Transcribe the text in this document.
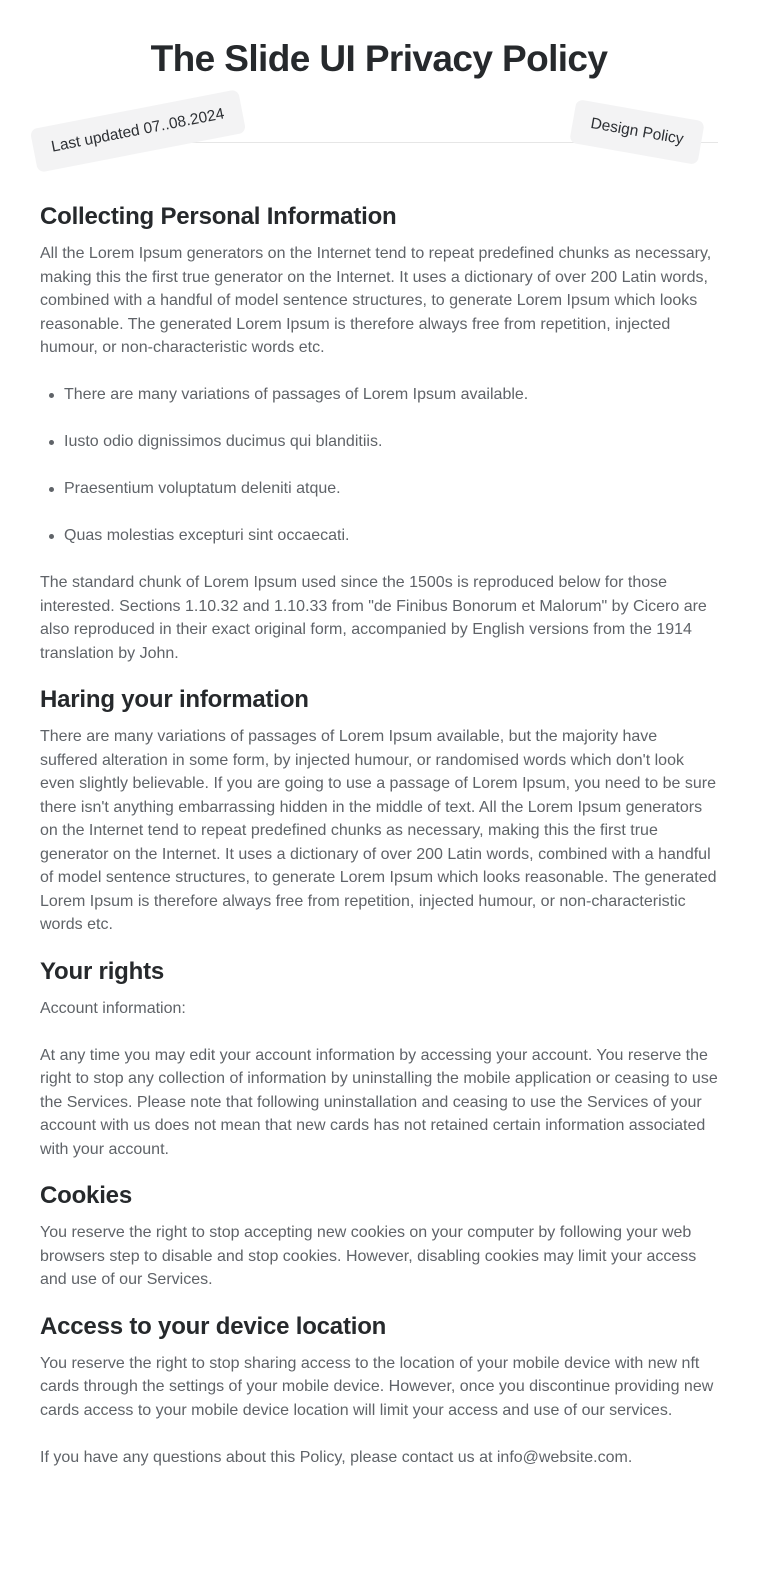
The Slide UI Privacy Policy
Last updated 07..08.2024	Design Policy
Collecting Personal Information

All the Lorem Ipsum generators on the Internet tend to repeat predefined chunks as necessary, making this the first true generator on the Internet. It uses a dictionary of over 200 Latin words, combined with a handful of model sentence structures, to generate Lorem Ipsum which looks reasonable. The generated Lorem Ipsum is therefore always free from repetition, injected humour, or non-characteristic words etc.

There are many variations of passages of Lorem Ipsum available.
Iusto odio dignissimos ducimus qui blanditiis.
Praesentium voluptatum deleniti atque.
Quas molestias excepturi sint occaecati.

The standard chunk of Lorem Ipsum used since the 1500s is reproduced below for those interested. Sections 1.10.32 and 1.10.33 from "de Finibus Bonorum et Malorum" by Cicero are also reproduced in their exact original form, accompanied by English versions from the 1914 translation by John.

Haring your information

There are many variations of passages of Lorem Ipsum available, but the majority have suffered alteration in some form, by injected humour, or randomised words which don't look even slightly believable. If you are going to use a passage of Lorem Ipsum, you need to be sure there isn't anything embarrassing hidden in the middle of text. All the Lorem Ipsum generators on the Internet tend to repeat predefined chunks as necessary, making this the first true generator on the Internet. It uses a dictionary of over 200 Latin words, combined with a handful of model sentence structures, to generate Lorem Ipsum which looks reasonable. The generated Lorem Ipsum is therefore always free from repetition, injected humour, or non-characteristic words etc.

Your rights

Account information:

At any time you may edit your account information by accessing your account. You reserve the right to stop any collection of information by uninstalling the mobile application or ceasing to use the Services. Please note that following uninstallation and ceasing to use the Services of your account with us does not mean that new cards has not retained certain information associated with your account.

Cookies

You reserve the right to stop accepting new cookies on your computer by following your web browsers step to disable and stop cookies. However, disabling cookies may limit your access and use of our Services.

Access to your device location

You reserve the right to stop sharing access to the location of your mobile device with new nft cards through the settings of your mobile device. However, once you discontinue providing new cards access to your mobile device location will limit your access and use of our services.

If you have any questions about this Policy, please contact us at info@website.com.
